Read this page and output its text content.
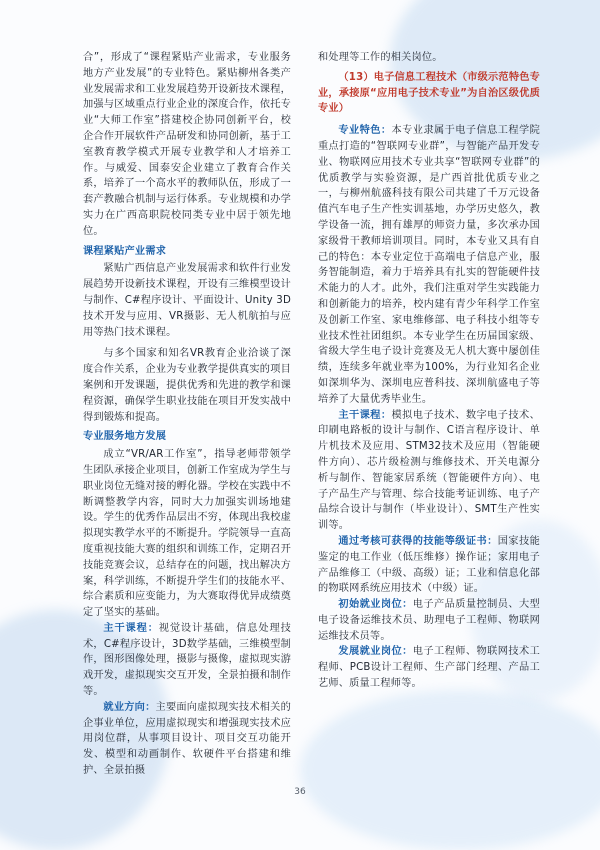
合”，形成了“课程紧贴产业需求，专业服务地方产业发展”的专业特色。紧贴柳州各类产业发展需求和工业发展趋势开设新技术课程，加强与区域重点行业企业的深度合作，依托专业“大师工作室”搭建校企协同创新平台，校企合作开展软件产品研发和协同创新，基于工室教育教学模式开展专业教学和人才培养工作。与威爱、国泰安企业建立了教育合作关系，培养了一个高水平的教师队伍，形成了一套产教融合机制与运行体系。专业规模和办学实力在广西高职院校同类专业中居于领先地位。

课程紧贴产业需求

紧贴广西信息产业发展需求和软件行业发展趋势开设新技术课程，开设有三维模型设计与制作、C#程序设计、平面设计、Unity 3D技术开发与应用、VR摄影、无人机航拍与应用等热门技术课程。

与多个国家和知名VR教育企业洽谈了深度合作关系，企业为专业教学提供真实的项目案例和开发课题，提供优秀和先进的教学和课程资源，确保学生职业技能在项目开发实战中得到锻炼和提高。

专业服务地方发展

成立“VR/AR工作室”，指导老师带领学生团队承接企业项目，创新工作室成为学生与职业岗位无缝对接的孵化器。学校在实践中不断调整教学内容，同时大力加强实训场地建设。学生的优秀作品层出不穷，体现出我校虚拟现实教学水平的不断提升。学院领导一直高度重视技能大赛的组织和训练工作，定期召开技能竞赛会议，总结存在的问题，找出解决方案，科学训练，不断提升学生们的技能水平、综合素质和应变能力，为大赛取得优异成绩奠定了坚实的基础。

主干课程：视觉设计基础，信息处理技术，C#程序设计，3D数学基础，三维模型制作，图形图像处理，摄影与摄像，虚拟现实游戏开发，虚拟现实交互开发，全景拍摄和制作等。

就业方向：主要面向虚拟现实技术相关的企事业单位，应用虚拟现实和增强现实技术应用岗位群，从事项目设计、项目交互功能开发、模型和动画制作、软硬件平台搭建和维护、全景拍摄

和处理等工作的相关岗位。

（13）电子信息工程技术（市级示范特色专业，承接原“应用电子技术专业”为自治区级优质专业）

专业特色：本专业隶属于电子信息工程学院重点打造的“智联网专业群”，与智能产品开发专业、物联网应用技术专业共享“智联网专业群”的优质教学与实验资源，是广西首批优质专业之一，与柳州航盛科技有限公司共建了千万元设备值汽车电子生产性实训基地，办学历史悠久，教学设备一流，拥有雄厚的师资力量，多次承办国家级骨干教师培训项目。同时，本专业又具有自己的特色：本专业定位于高端电子信息产业，服务智能制造，着力于培养具有扎实的智能硬件技术能力的人才。此外，我们注重对学生实践能力和创新能力的培养，校内建有青少年科学工作室及创新工作室、家电维修部、电子科技小组等专业技术性社团组织。本专业学生在历届国家级、省级大学生电子设计竞赛及无人机大赛中屡创佳绩，连续多年就业率为100%，为行业知名企业如深圳华为、深圳电应普科技、深圳航盛电子等培养了大量优秀毕业生。

主干课程：模拟电子技术、数字电子技术、印刷电路板的设计与制作、C语言程序设计、单片机技术及应用、STM32技术及应用（智能硬件方向）、芯片级检测与维修技术、开关电源分析与制作、智能家居系统（智能硬件方向）、电子产品生产与管理、综合技能考证训练、电子产品综合设计与制作（毕业设计）、SMT生产性实训等。

通过考核可获得的技能等级证书：国家技能鉴定的电工作业（低压维修）操作证；家用电子产品维修工（中级、高级）证；工业和信息化部的物联网系统应用技术（中级）证。

初始就业岗位：电子产品质量控制员、大型电子设备运维技术员、助理电子工程师、物联网运维技术员等。

发展就业岗位：电子工程师、物联网技术工程师、PCB设计工程师、生产部门经理、产品工艺师、质量工程师等。

36
